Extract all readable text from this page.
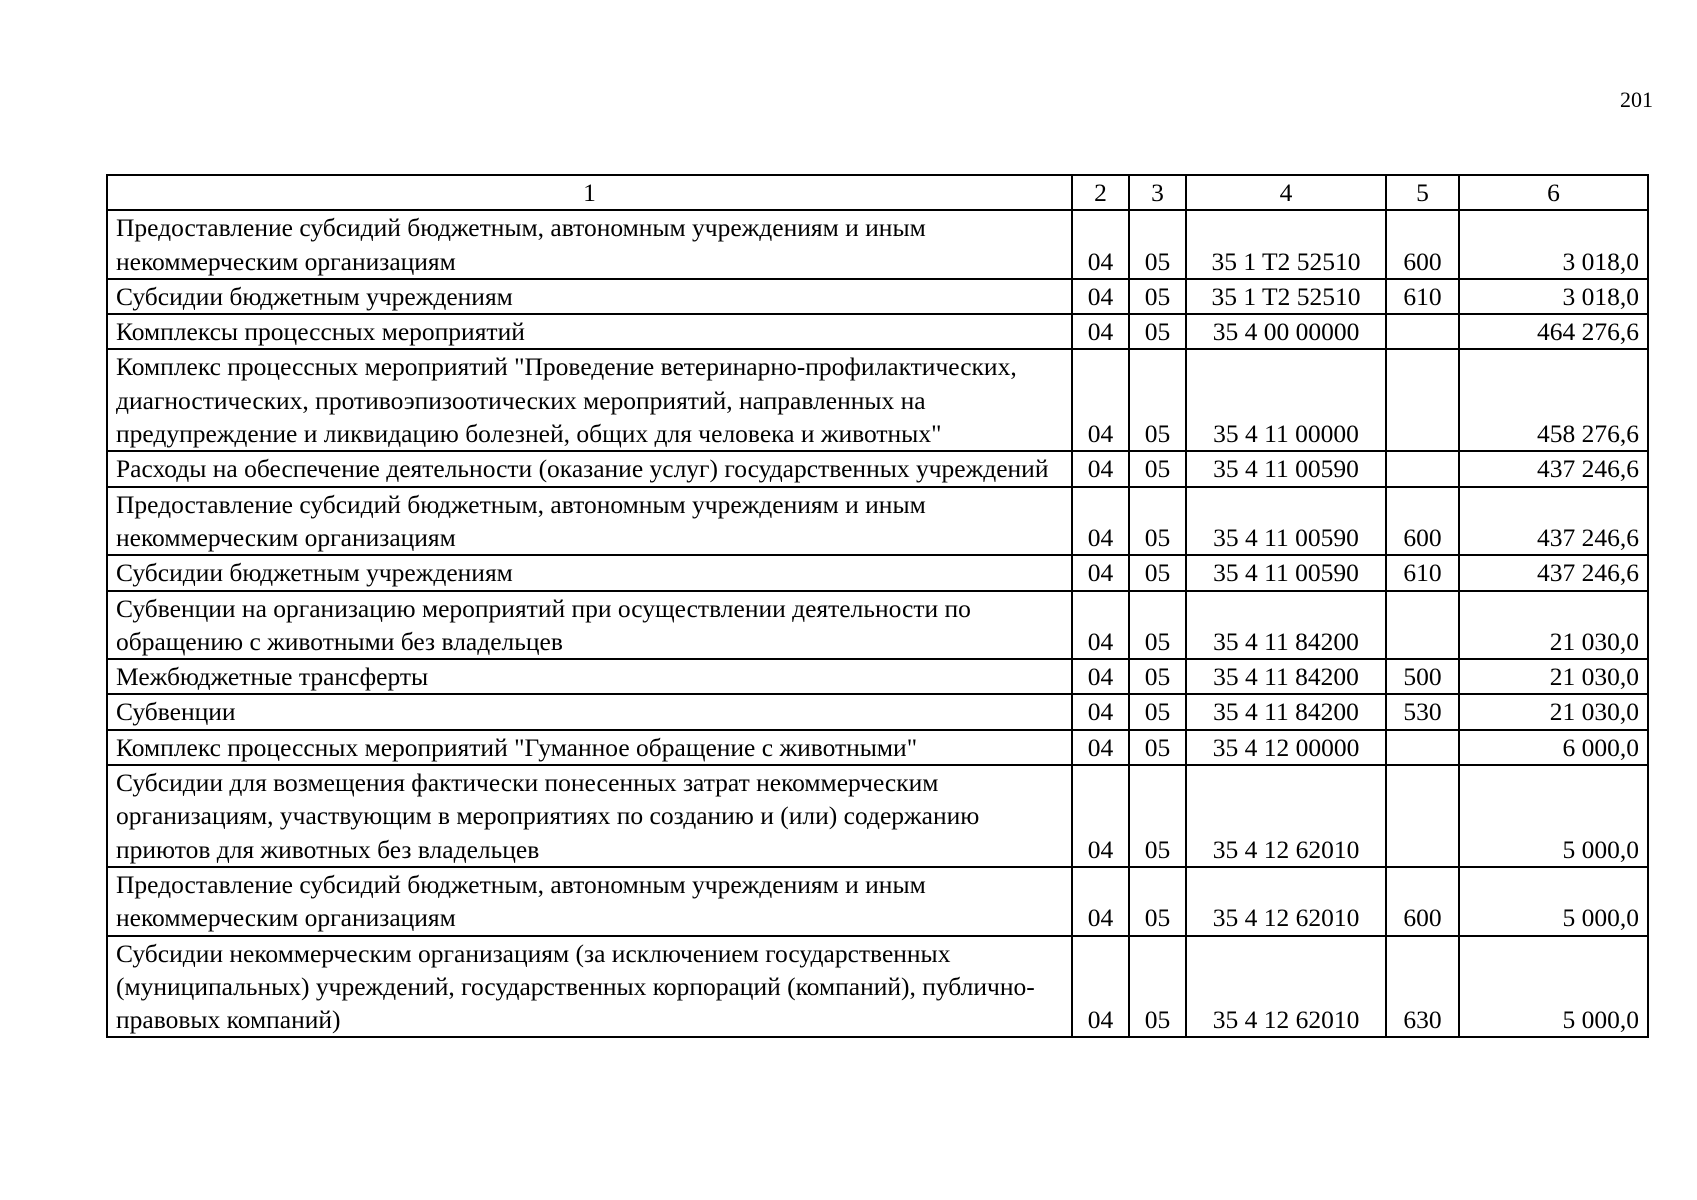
201
1	2	3	4	5	6
Предоставление субсидий бюджетным, автономным учреждениям и иным некоммерческим организациям	04	05	35 1 T2 52510	600	3 018,0
Субсидии бюджетным учреждениям	04	05	35 1 T2 52510	610	3 018,0
Комплексы процессных мероприятий	04	05	35 4 00 00000		464 276,6
Комплекс процессных мероприятий "Проведение ветеринарно-профилактических, диагностических, противоэпизоотических мероприятий, направленных на предупреждение и ликвидацию болезней, общих для человека и животных"	04	05	35 4 11 00000		458 276,6
Расходы на обеспечение деятельности (оказание услуг) государственных учреждений	04	05	35 4 11 00590		437 246,6
Предоставление субсидий бюджетным, автономным учреждениям и иным некоммерческим организациям	04	05	35 4 11 00590	600	437 246,6
Субсидии бюджетным учреждениям	04	05	35 4 11 00590	610	437 246,6
Субвенции на организацию мероприятий при осуществлении деятельности по обращению с животными без владельцев	04	05	35 4 11 84200		21 030,0
Межбюджетные трансферты	04	05	35 4 11 84200	500	21 030,0
Субвенции	04	05	35 4 11 84200	530	21 030,0
Комплекс процессных мероприятий "Гуманное обращение с животными"	04	05	35 4 12 00000		6 000,0
Субсидии для возмещения фактически понесенных затрат некоммерческим организациям, участвующим в мероприятиях по созданию и (или) содержанию приютов для животных без владельцев	04	05	35 4 12 62010		5 000,0
Предоставление субсидий бюджетным, автономным учреждениям и иным некоммерческим организациям	04	05	35 4 12 62010	600	5 000,0
Субсидии некоммерческим организациям (за исключением государственных (муниципальных) учреждений, государственных корпораций (компаний), публично-правовых компаний)	04	05	35 4 12 62010	630	5 000,0
